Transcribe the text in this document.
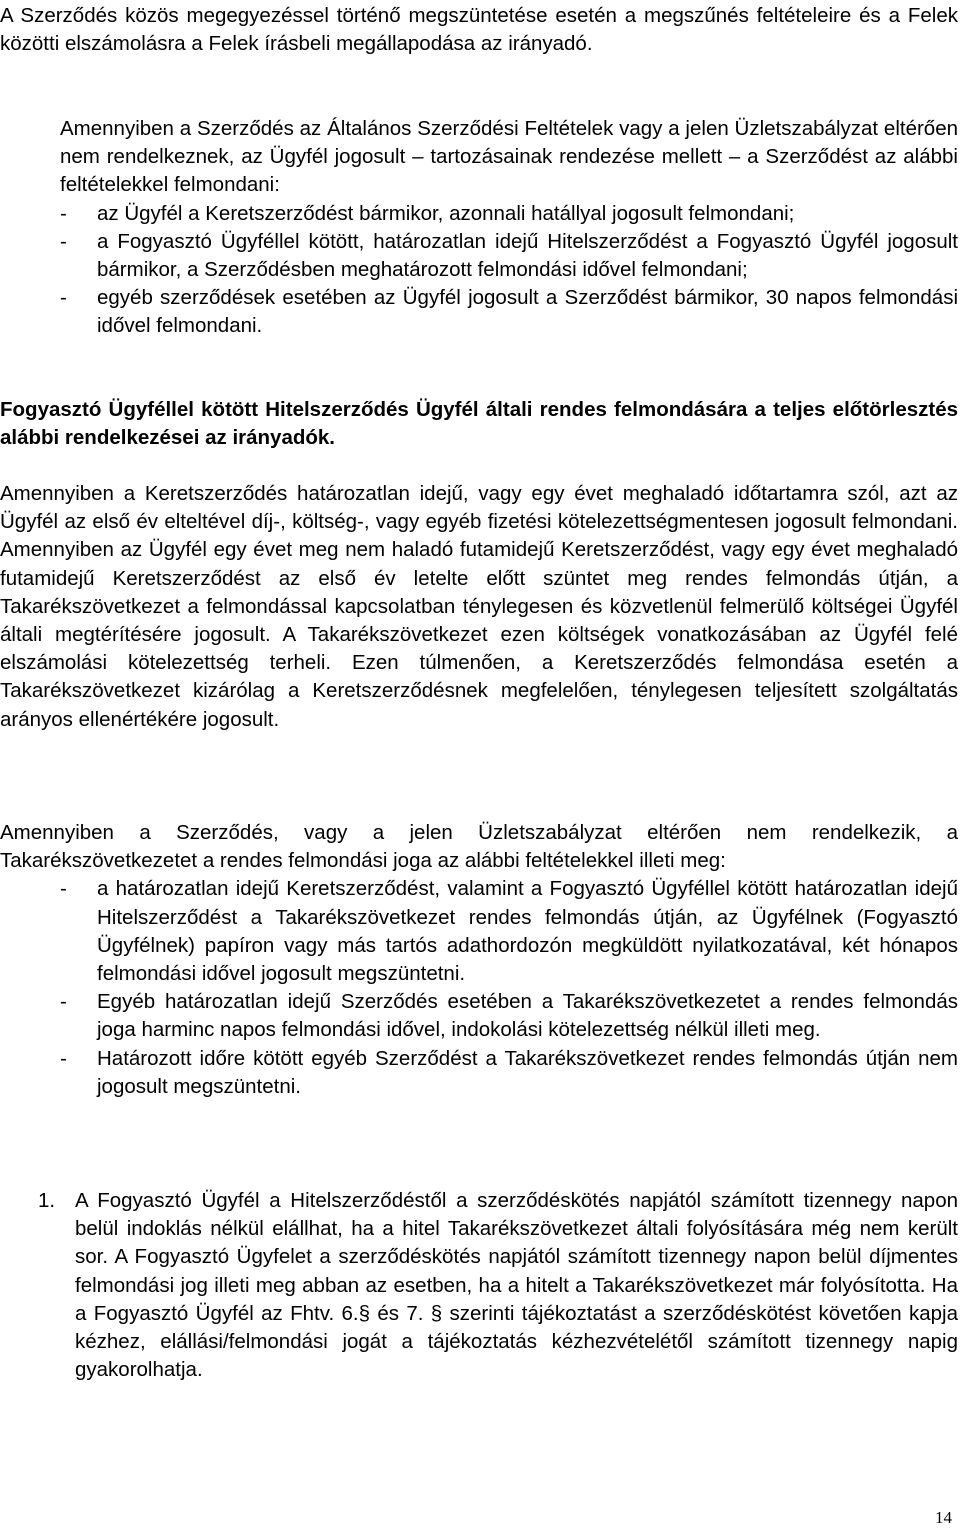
A Szerződés közös megegyezéssel történő megszüntetése esetén a megszűnés feltételeire és a Felek közötti elszámolásra a Felek írásbeli megállapodása az irányadó.

Amennyiben a Szerződés az Általános Szerződési Feltételek vagy a jelen Üzletszabályzat eltérően nem rendelkeznek, az Ügyfél jogosult – tartozásainak rendezése mellett – a Szerződést az alábbi feltételekkel felmondani:

- az Ügyfél a Keretszerződést bármikor, azonnali hatállyal jogosult felmondani;
- a Fogyasztó Ügyféllel kötött, határozatlan idejű Hitelszerződést a Fogyasztó Ügyfél jogosult bármikor, a Szerződésben meghatározott felmondási idővel felmondani;
- egyéb szerződések esetében az Ügyfél jogosult a Szerződést bármikor, 30 napos felmondási idővel felmondani.

Fogyasztó Ügyféllel kötött Hitelszerződés Ügyfél általi rendes felmondására a teljes előtörlesztés alábbi rendelkezései az irányadók.

Amennyiben a Keretszerződés határozatlan idejű, vagy egy évet meghaladó időtartamra szól, azt az Ügyfél az első év elteltével díj-, költség-, vagy egyéb fizetési kötelezettségmentesen jogosult felmondani. Amennyiben az Ügyfél egy évet meg nem haladó futamidejű Keretszerződést, vagy egy évet meghaladó futamidejű Keretszerződést az első év letelte előtt szüntet meg rendes felmondás útján, a Takarékszövetkezet a felmondással kapcsolatban ténylegesen és közvetlenül felmerülő költségei Ügyfél általi megtérítésére jogosult. A Takarékszövetkezet ezen költségek vonatkozásában az Ügyfél felé elszámolási kötelezettség terheli. Ezen túlmenően, a Keretszerződés felmondása esetén a Takarékszövetkezet kizárólag a Keretszerződésnek megfelelően, ténylegesen teljesített szolgáltatás arányos ellenértékére jogosult.

Amennyiben a Szerződés, vagy a jelen Üzletszabályzat eltérően nem rendelkezik, a Takarékszövetkezetet a rendes felmondási joga az alábbi feltételekkel illeti meg:

- a határozatlan idejű Keretszerződést, valamint a Fogyasztó Ügyféllel kötött határozatlan idejű Hitelszerződést a Takarékszövetkezet rendes felmondás útján, az Ügyfélnek (Fogyasztó Ügyfélnek) papíron vagy más tartós adathordozón megküldött nyilatkozatával, két hónapos felmondási idővel jogosult megszüntetni.
- Egyéb határozatlan idejű Szerződés esetében a Takarékszövetkezetet a rendes felmondás joga harminc napos felmondási idővel, indokolási kötelezettség nélkül illeti meg.
- Határozott időre kötött egyéb Szerződést a Takarékszövetkezet rendes felmondás útján nem jogosult megszüntetni.
1. A Fogyasztó Ügyfél a Hitelszerződéstől a szerződéskötés napjától számított tizennegy napon belül indoklás nélkül elállhat, ha a hitel Takarékszövetkezet általi folyósítására még nem került sor. A Fogyasztó Ügyfelet a szerződéskötés napjától számított tizennegy napon belül díjmentes felmondási jog illeti meg abban az esetben, ha a hitelt a Takarékszövetkezet már folyósította. Ha a Fogyasztó Ügyfél az Fhtv. 6.§ és 7. § szerinti tájékoztatást a szerződéskötést követően kapja kézhez, elállási/felmondási jogát a tájékoztatás kézhezvételétől számított tizennegy napig gyakorolhatja.
14
